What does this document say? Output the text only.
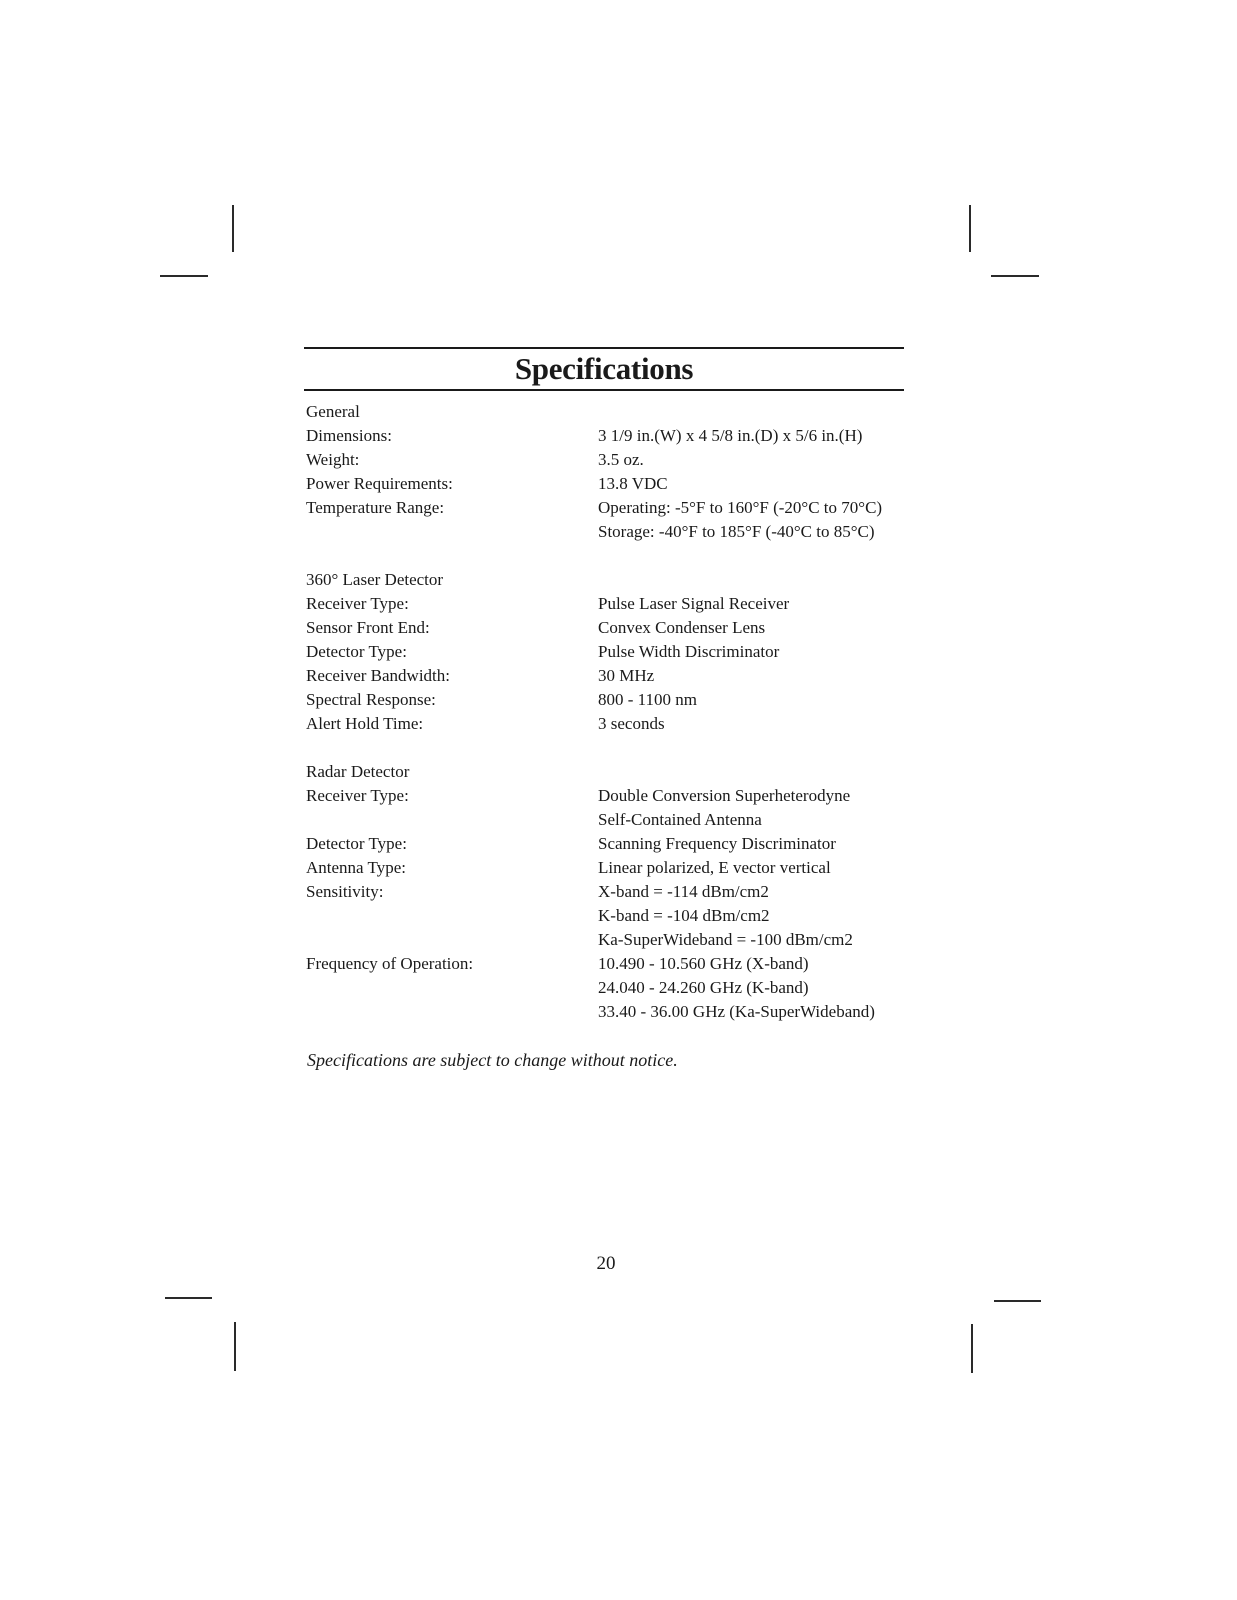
Specifications
General
Dimensions:	3 1/9 in.(W) x 4 5/8 in.(D) x 5/6 in.(H)
Weight:	3.5 oz.
Power Requirements:	13.8 VDC
Temperature Range:	Operating: -5°F to 160°F (-20°C to 70°C)
Storage: -40°F to 185°F (-40°C to 85°C)
360° Laser Detector
Receiver Type:	Pulse Laser Signal Receiver
Sensor Front End:	Convex Condenser Lens
Detector Type:	Pulse Width Discriminator
Receiver Bandwidth:	30 MHz
Spectral Response:	800 - 1100 nm
Alert Hold Time:	3 seconds
Radar Detector
Receiver Type:	Double Conversion Superheterodyne
Self-Contained Antenna
Detector Type:	Scanning Frequency Discriminator
Antenna Type:	Linear polarized, E vector vertical
Sensitivity:	X-band = -114 dBm/cm2
K-band = -104 dBm/cm2
Ka-SuperWideband = -100 dBm/cm2
Frequency of Operation:	10.490 - 10.560 GHz (X-band)
24.040 - 24.260 GHz (K-band)
33.40 - 36.00 GHz (Ka-SuperWideband)
Specifications are subject to change without notice.
20
